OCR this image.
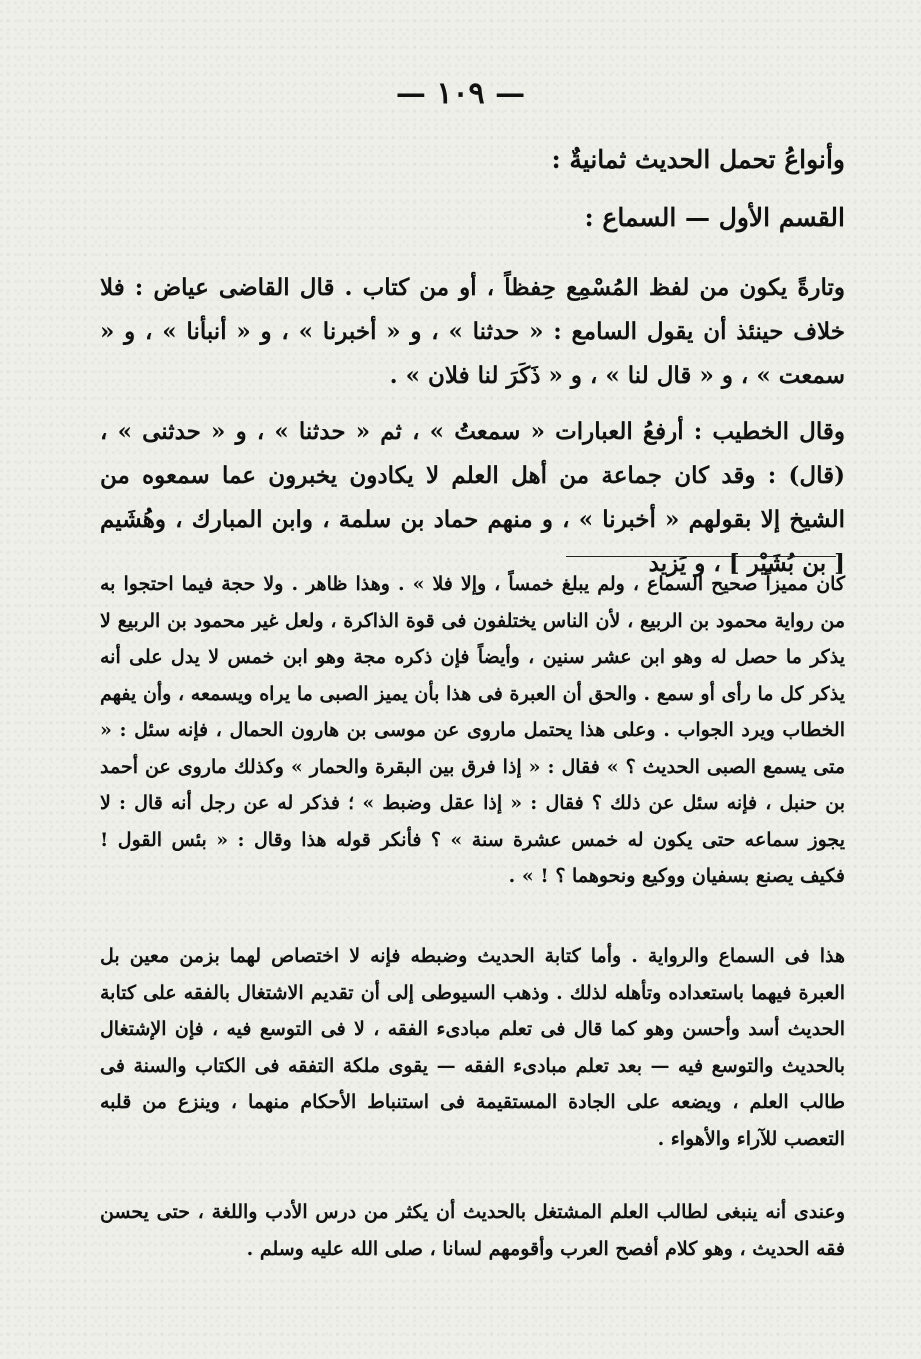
— ١٠٩ —

وأنواعُ تحمل الحديث ثمانيةٌ :

القسم الأول — السماع :

وتارةً يكون من لفظ المُسْمِع حِفظاً ، أو من كتاب . قال القاضى عياض : فلا خلاف حينئذ أن يقول السامع : « حدثنا » ، و « أخبرنا » ، و « أنبأنا » ، و « سمعت » ، و « قال لنا » ، و « ذَكَرَ لنا فلان » .

وقال الخطيب : أرفعُ العبارات « سمعتُ » ، ثم « حدثنا » ، و « حدثنى » ، (قال) : وقد كان جماعة من أهل العلم لا يكادون يخبرون عما سمعوه من الشيخ إلا بقولهم « أخبرنا » ، و منهم حماد بن سلمة ، وابن المبارك ، وهُشَيم [ بن بُشَيْر ] ، و يَزيد

كان مميزاً صحيح السماع ، ولم يبلغ خمساً ، وإلا فلا » . وهذا ظاهر . ولا حجة فيما احتجوا به من رواية محمود بن الربيع ، لأن الناس يختلفون فى قوة الذاكرة ، ولعل غير محمود بن الربيع لا يذكر ما حصل له وهو ابن عشر سنين ، وأيضاً فإن ذكره مجة وهو ابن خمس لا يدل على أنه يذكر كل ما رأى أو سمع . والحق أن العبرة فى هذا بأن يميز الصبى ما يراه ويسمعه ، وأن يفهم الخطاب ويرد الجواب . وعلى هذا يحتمل ماروى عن موسى بن هارون الحمال ، فإنه سئل : « متى يسمع الصبى الحديث ؟ » فقال : « إذا فرق بين البقرة والحمار » وكذلك ماروى عن أحمد بن حنبل ، فإنه سئل عن ذلك ؟ فقال : « إذا عقل وضبط » ؛ فذكر له عن رجل أنه قال : لا يجوز سماعه حتى يكون له خمس عشرة سنة » ؟ فأنكر قوله هذا وقال : « بئس القول ! فكيف يصنع بسفيان ووكيع ونحوهما ؟ ! » .

هذا فى السماع والرواية . وأما كتابة الحديث وضبطه فإنه لا اختصاص لهما بزمن معين بل العبرة فيهما باستعداده وتأهله لذلك . وذهب السيوطى إلى أن تقديم الاشتغال بالفقه على كتابة الحديث أسد وأحسن وهو كما قال فى تعلم مبادىء الفقه ، لا فى التوسع فيه ، فإن الإشتغال بالحديث والتوسع فيه — بعد تعلم مبادىء الفقه — يقوى ملكة التفقه فى الكتاب والسنة فى طالب العلم ، ويضعه على الجادة المستقيمة فى استنباط الأحكام منهما ، وينزع من قلبه التعصب للآراء والأهواء .

وعندى أنه ينبغى لطالب العلم المشتغل بالحديث أن يكثر من درس الأدب واللغة ، حتى يحسن فقه الحديث ، وهو كلام أفصح العرب وأقومهم لسانا ، صلى الله عليه وسلم .
